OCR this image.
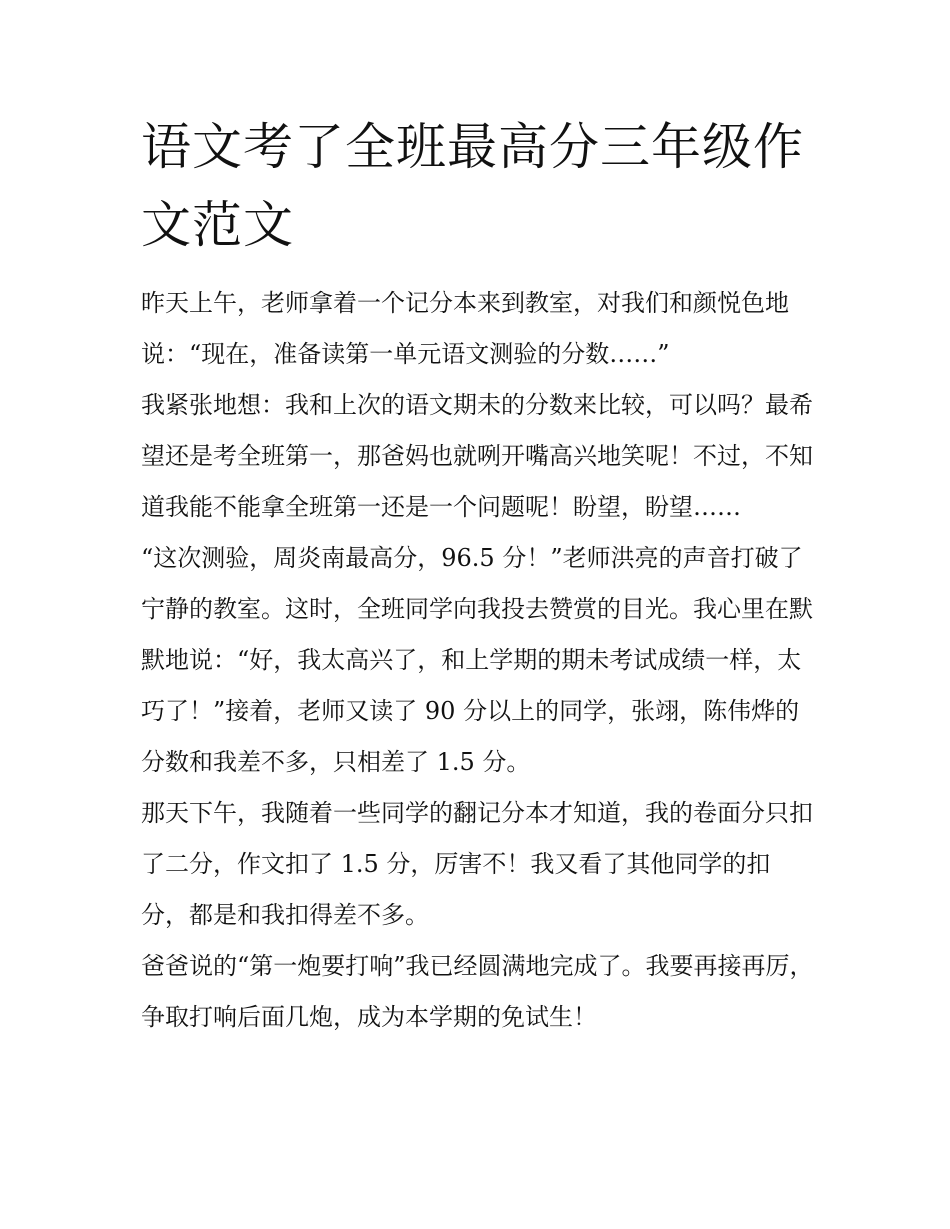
语文考了全班最高分三年级作文范文

昨天上午，老师拿着一个记分本来到教室，对我们和颜悦色地说：“现在，准备读第一单元语文测验的分数……”

我紧张地想：我和上次的语文期未的分数来比较，可以吗？最希望还是考全班第一，那爸妈也就咧开嘴高兴地笑呢！不过，不知道我能不能拿全班第一还是一个问题呢！盼望，盼望……

“这次测验，周炎南最高分，96.5 分！”老师洪亮的声音打破了宁静的教室。这时，全班同学向我投去赞赏的目光。我心里在默默地说：“好，我太高兴了，和上学期的期未考试成绩一样，太巧了！”接着，老师又读了 90 分以上的同学，张翊，陈伟烨的分数和我差不多，只相差了 1.5 分。

那天下午，我随着一些同学的翻记分本才知道，我的卷面分只扣了二分，作文扣了 1.5 分，厉害不！我又看了其他同学的扣分，都是和我扣得差不多。

爸爸说的“第一炮要打响”我已经圆满地完成了。我要再接再厉，争取打响后面几炮，成为本学期的免试生！
